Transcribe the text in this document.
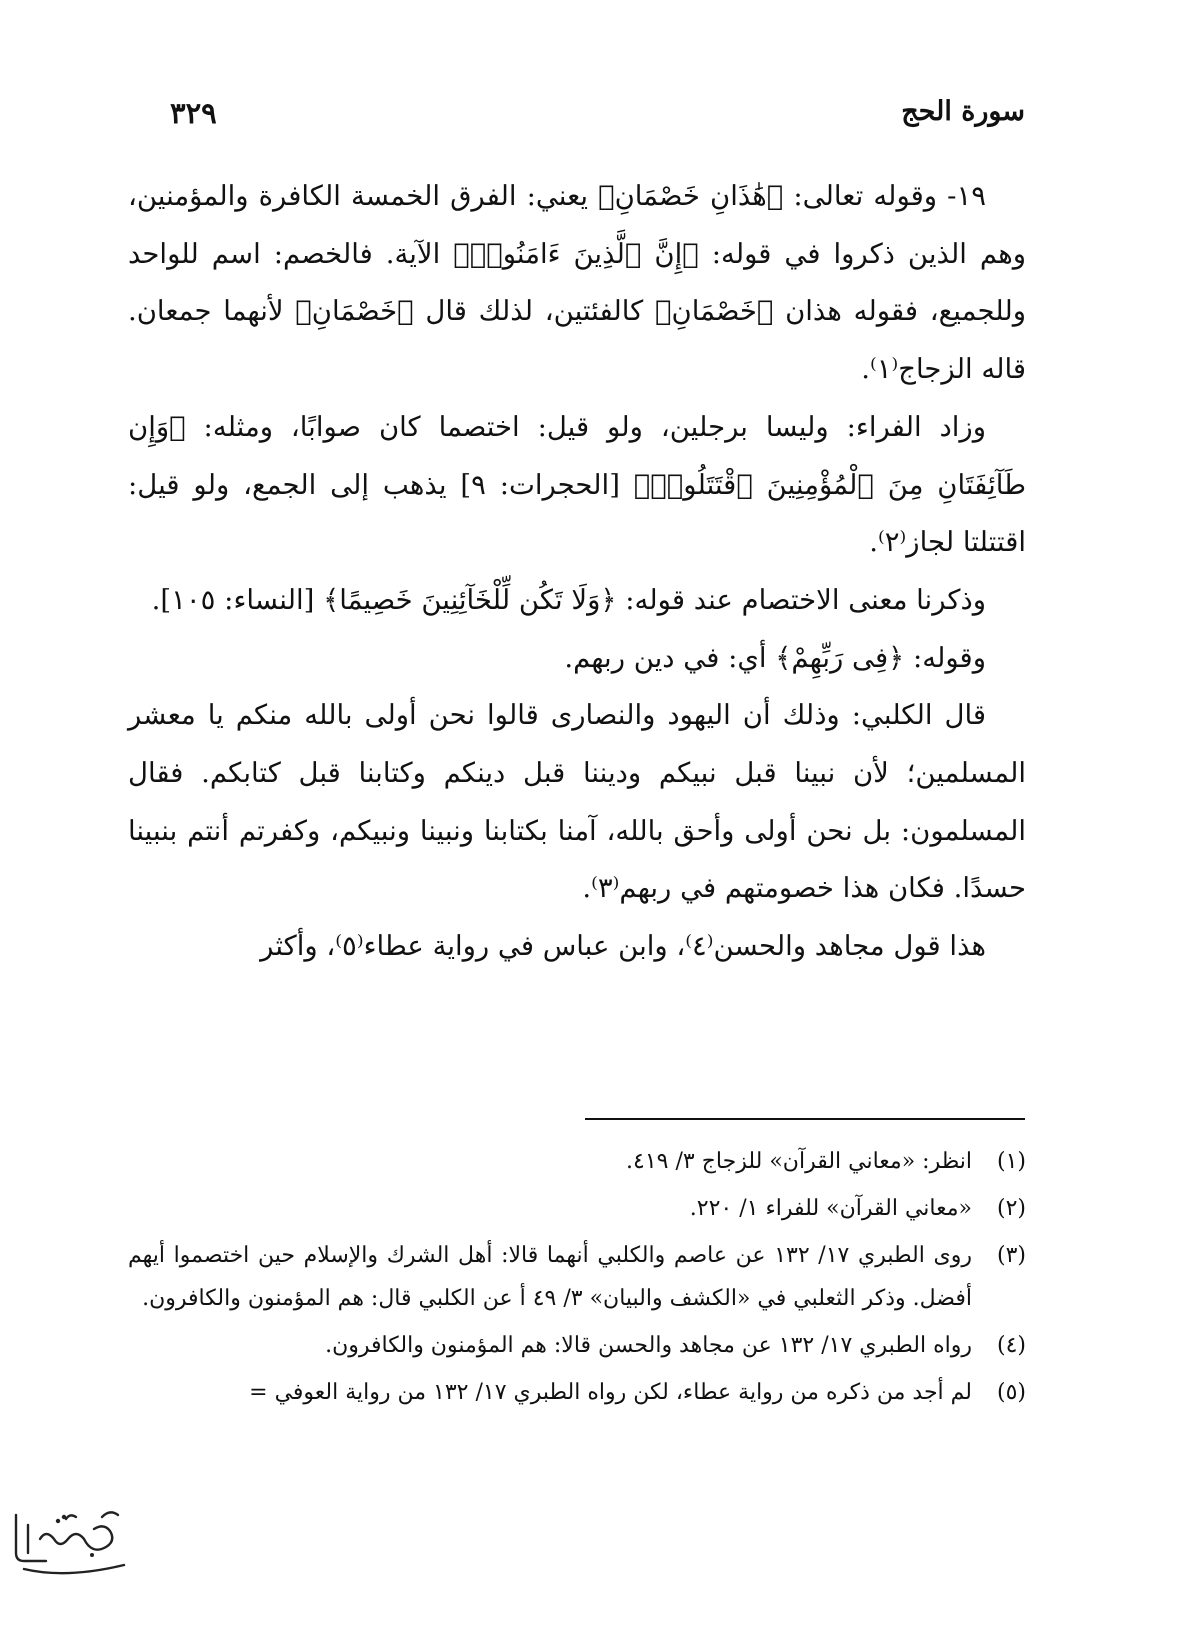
سورة الحج
٣٢٩

١٩- وقوله تعالى: ﴿هَٰذَانِ خَصْمَانِ﴾ يعني: الفرق الخمسة الكافرة والمؤمنين، وهم الذين ذكروا في قوله: ﴿إِنَّ ٱلَّذِينَ ءَامَنُوا۟﴾ الآية. فالخصم: اسم للواحد وللجميع، فقوله هذان ﴿خَصْمَانِ﴾ كالفئتين، لذلك قال ﴿خَصْمَانِ﴾ لأنهما جمعان. قاله الزجاج⁽١⁾.

وزاد الفراء: وليسا برجلين، ولو قيل: اختصما كان صوابًا، ومثله: ﴿وَإِن طَآئِفَتَانِ مِنَ ٱلْمُؤْمِنِينَ ٱقْتَتَلُوا۟﴾ [الحجرات: ٩] يذهب إلى الجمع، ولو قيل: اقتتلتا لجاز⁽٢⁾.

وذكرنا معنى الاختصام عند قوله: ﴿وَلَا تَكُن لِّلْخَآئِنِينَ خَصِيمًا﴾ [النساء: ١٠٥].

وقوله: ﴿فِى رَبِّهِمْ﴾ أي: في دين ربهم.

قال الكلبي: وذلك أن اليهود والنصارى قالوا نحن أولى بالله منكم يا معشر المسلمين؛ لأن نبينا قبل نبيكم وديننا قبل دينكم وكتابنا قبل كتابكم. فقال المسلمون: بل نحن أولى وأحق بالله، آمنا بكتابنا ونبينا ونبيكم، وكفرتم أنتم بنبينا حسدًا. فكان هذا خصومتهم في ربهم⁽٣⁾.

هذا قول مجاهد والحسن⁽٤⁾، وابن عباس في رواية عطاء⁽٥⁾، وأكثر

(١)
انظر: «معاني القرآن» للزجاج ٣/ ٤١٩.
(٢)
«معاني القرآن» للفراء ١/ ٢٢٠.
(٣)
روى الطبري ١٧/ ١٣٢ عن عاصم والكلبي أنهما قالا: أهل الشرك والإسلام حين اختصموا أيهم أفضل. وذكر الثعلبي في «الكشف والبيان» ٣/ ٤٩ أ عن الكلبي قال: هم المؤمنون والكافرون.
(٤)
رواه الطبري ١٧/ ١٣٢ عن مجاهد والحسن قالا: هم المؤمنون والكافرون.
(٥)
لم أجد من ذكره من رواية عطاء، لكن رواه الطبري ١٧/ ١٣٢ من رواية العوفي =
